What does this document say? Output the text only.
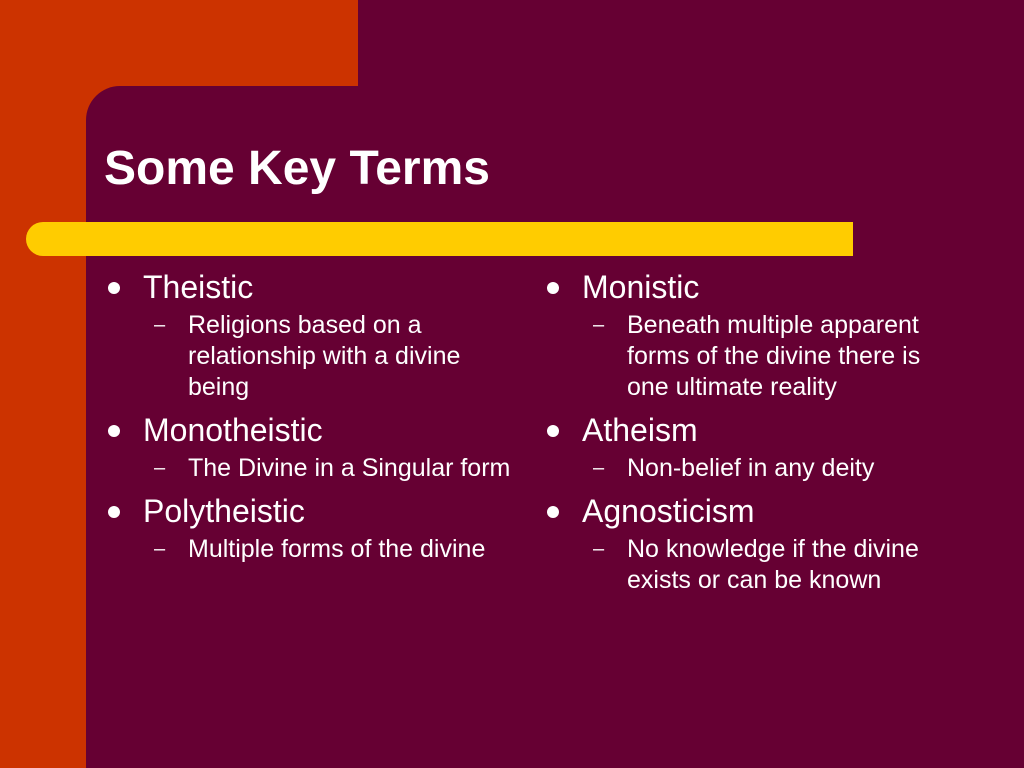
Some Key Terms
Theistic
– Religions based on a relationship with a divine being
Monotheistic
– The Divine in a Singular form
Polytheistic
– Multiple forms of the divine
Monistic
– Beneath multiple apparent forms of the divine there is one ultimate reality
Atheism
– Non-belief in any deity
Agnosticism
– No knowledge if the divine exists or can be known
